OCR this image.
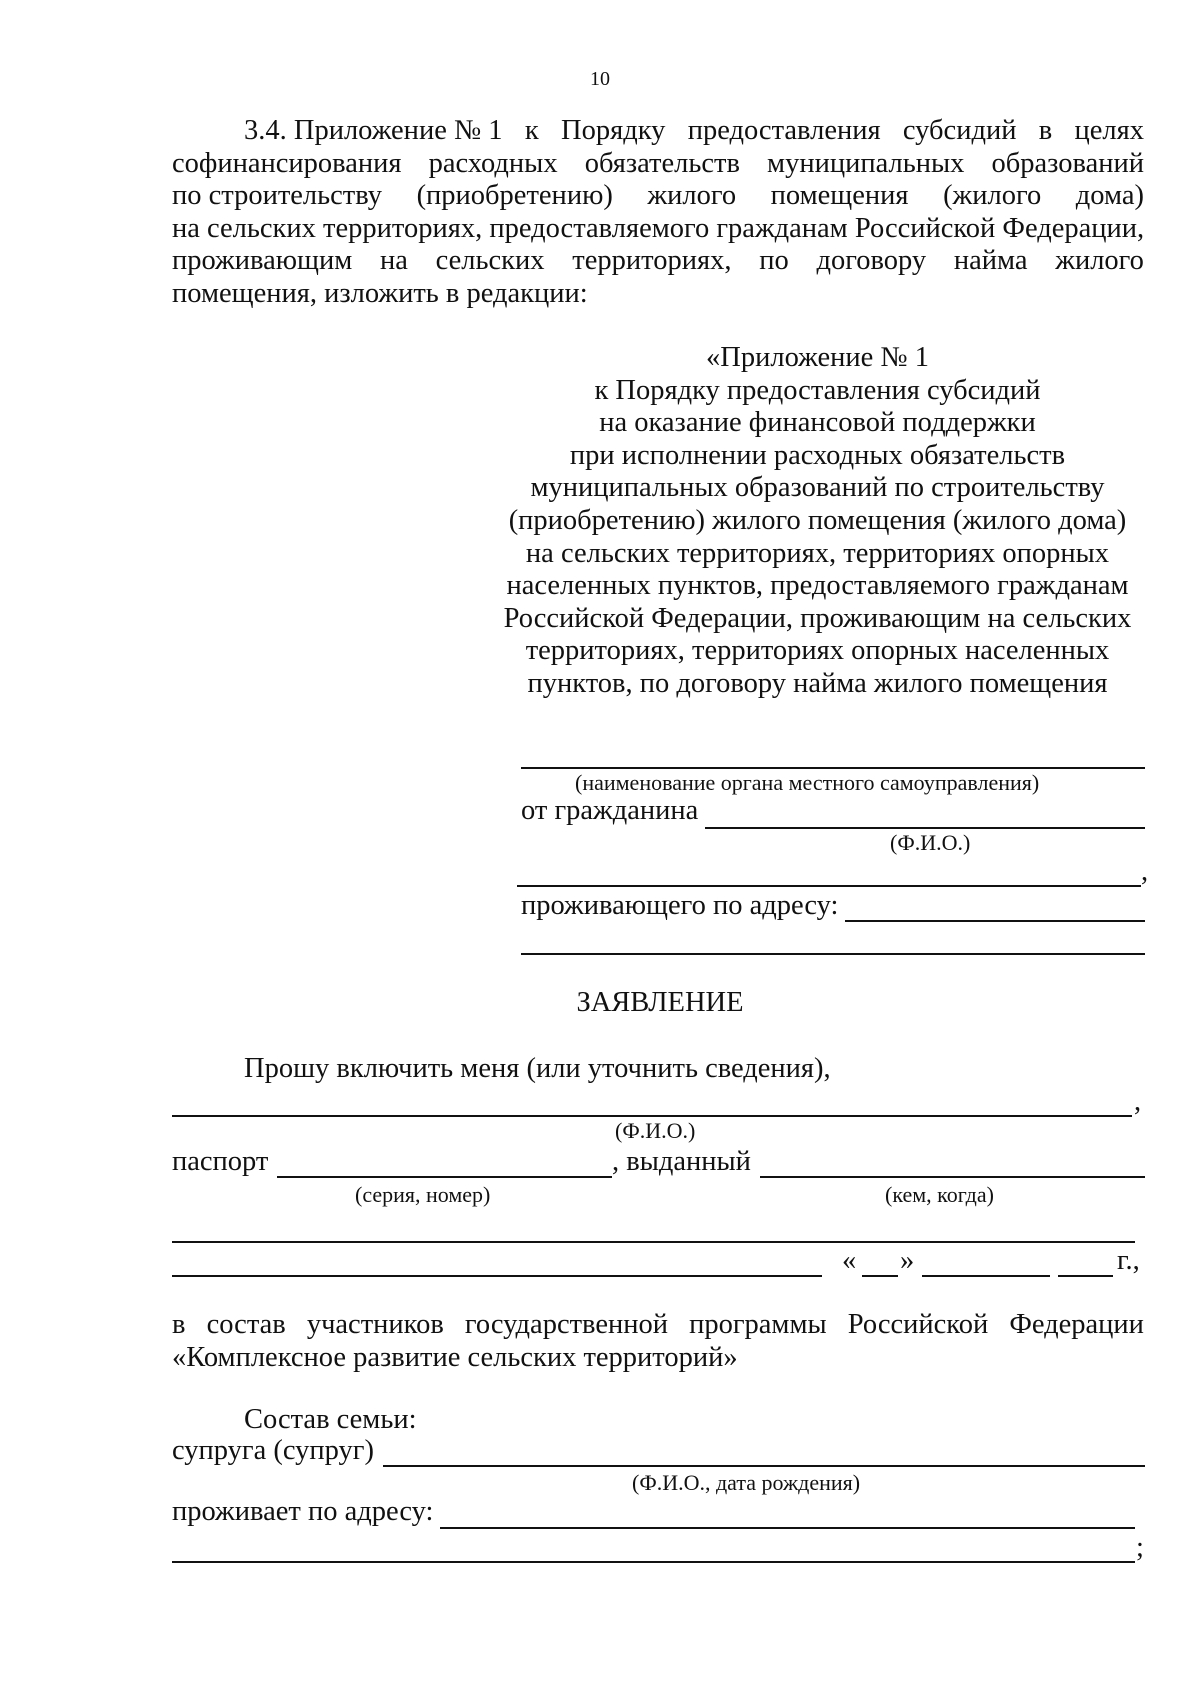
10
3.4. Приложение № 1 к Порядку предоставления субсидий в целях
софинансирования расходных обязательств муниципальных образований
по строительству (приобретению) жилого помещения (жилого дома)
на сельских территориях, предоставляемого гражданам Российской Федерации,
проживающим на сельских территориях, по договору найма жилого
помещения, изложить в редакции:
«Приложение № 1
к Порядку предоставления субсидий
на оказание финансовой поддержки
при исполнении расходных обязательств
муниципальных образований по строительству
(приобретению) жилого помещения (жилого дома)
на сельских территориях, территориях опорных
населенных пунктов, предоставляемого гражданам
Российской Федерации, проживающим на сельских
территориях, территориях опорных населенных
пунктов, по договору найма жилого помещения
(наименование органа местного самоуправления)
от гражданина
(Ф.И.О.)
,
проживающего по адресу:
ЗАЯВЛЕНИЕ
Прошу включить меня (или уточнить сведения),
,
(Ф.И.О.)
паспорт	, выданный
(серия, номер)	(кем, когда)
« »	г.,
в состав участников государственной программы Российской Федерации
«Комплексное развитие сельских территорий»
Состав семьи:
супруга (супруг)
(Ф.И.О., дата рождения)
проживает по адресу:
;
